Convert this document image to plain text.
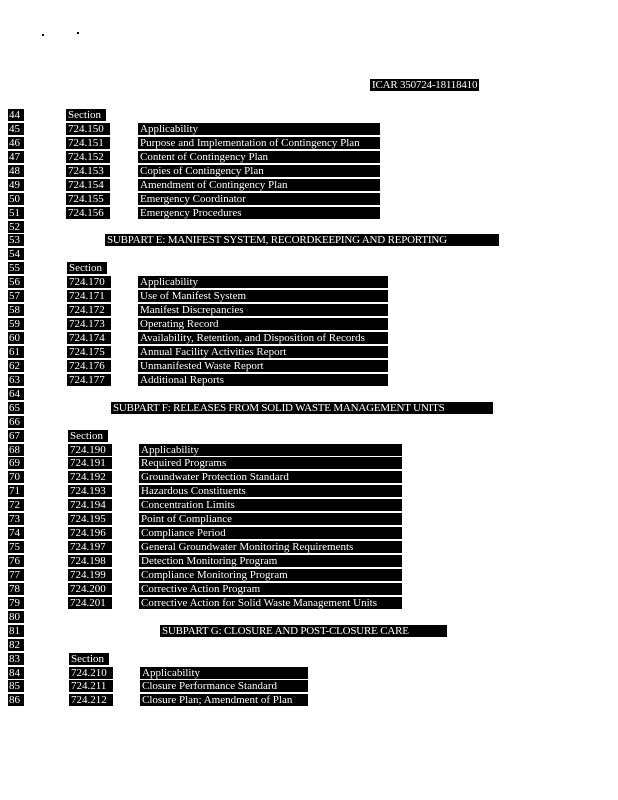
ICAR 350724-18118410
44	Section
45	724.150	Applicability
46	724.151	Purpose and Implementation of Contingency Plan
47	724.152	Content of Contingency Plan
48	724.153	Copies of Contingency Plan
49	724.154	Amendment of Contingency Plan
50	724.155	Emergency Coordinator
51	724.156	Emergency Procedures
52
53	SUBPART E: MANIFEST SYSTEM, RECORDKEEPING AND REPORTING
54
55	Section
56	724.170	Applicability
57	724.171	Use of Manifest System
58	724.172	Manifest Discrepancies
59	724.173	Operating Record
60	724.174	Availability, Retention, and Disposition of Records
61	724.175	Annual Facility Activities Report
62	724.176	Unmanifested Waste Report
63	724.177	Additional Reports
64
65	SUBPART F: RELEASES FROM SOLID WASTE MANAGEMENT UNITS
66
67	Section
68	724.190	Applicability
69	724.191	Required Programs
70	724.192	Groundwater Protection Standard
71	724.193	Hazardous Constituents
72	724.194	Concentration Limits
73	724.195	Point of Compliance
74	724.196	Compliance Period
75	724.197	General Groundwater Monitoring Requirements
76	724.198	Detection Monitoring Program
77	724.199	Compliance Monitoring Program
78	724.200	Corrective Action Program
79	724.201	Corrective Action for Solid Waste Management Units
80
81	SUBPART G: CLOSURE AND POST-CLOSURE CARE
82
83	Section
84	724.210	Applicability
85	724.211	Closure Performance Standard
86	724.212	Closure Plan; Amendment of Plan
